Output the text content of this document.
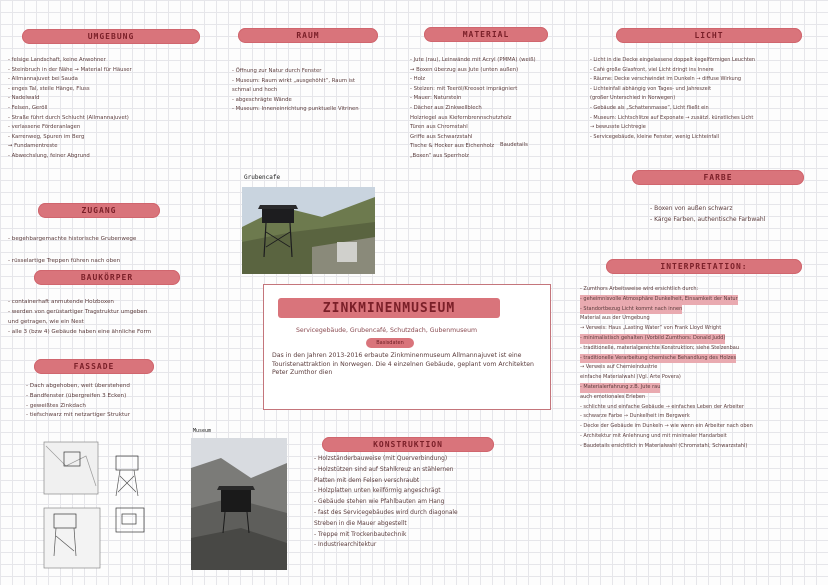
UMGEBUNG	RAUM	MATERIAL	LICHT
ZUGANG
FARBE
BAUKÖRPER
INTERPRETATION:
FASSADE
KONSTRUKTION
- felsige Landschaft, keine Anwohner
- Steinbruch in der Nähe → Material für Häuser
- Allmannajuvet bei Sauda
- enges Tal, steile Hänge, Fluss
- Nadelwald
- Felsen, Geröll
- Straße führt durch Schlucht (Allmannajuvet)
- verlassene Förderanlagen
- Karrenweg, Spuren im Berg
→ Fundamentreste
- Abwechslung, feiner Abgrund
- Öffnung zur Natur durch Fenster
- Museum: Raum wirkt „ausgehöhlt“, Raum ist
schmal und hoch
- abgeschrägte Wände
- Museum: Inneneinrichtung punktuelle Vitrinen
- Jute (rau), Leinwände mit Acryl (PMMA) (weiß)
→ Boxen überzug aus Jute (unten außen)
- Holz
- Stelzen: mit Teeröl/Kreosot imprägniert
- Mauer: Naturstein
- Dächer aus Zinkwellblech
Holzriegel aus Kiefernbrennschutzholz
Türen aus Chromstahl
Griffe aus Schwarzstahl
Tische & Hocker aus Eichenholz
„Boxen“ aus Sperrholz
Baudetails
- Licht in die Decke eingelassene doppelt kegelförmigen Leuchten
- Café große Glasfront, viel Licht dringt ins Innere
- Räume: Decke verschwindet im Dunkeln → diffuse Wirkung
- Lichteinfall abhängig von Tages- und Jahreszeit
(großer Unterschied in Norwegen)
- Gebäude als „Schattenmasse“, Licht fließt ein
- Museum: Lichtschlitze auf Exponate → zusätzl. künstliches Licht
→ bewusste Lichtregie
- Servicegebäude, kleine Fenster, wenig Lichteinfall
- Boxen von außen schwarz
- Kärge Farben, authentische Farbwahl
- begehbargemachte historische Grubenwege
- rüsselartige Treppen führen nach oben
- containerhaft anmutende Holzboxen
- werden von gerüstartiger Tragstruktur umgeben
und getragen, wie ein Nest
- alle 3 (bzw 4) Gebäude haben eine ähnliche Form
- Dach abgehoben, weit überstehend
- Bandfenster (übergreifen 3 Ecken)
- geweißtes Zinkdach
- tiefschwarz mit netzartiger Struktur
- Holzständerbauweise (mit Querverbindung)
- Holzstützen sind auf Stahlkreuz an stählernen
Platten mit dem Felsen verschraubt
- Holzplatten unten keilförmig angeschrägt
- Gebäude stehen wie Pfahlbauten am Hang
- fast des Servicegebäudes wird durch diagonale
Streben in die Mauer abgestellt
- Treppe mit Trockenbautechnik
- Industriearchitektur
- Zumthors Arbeitsweise wird ersichtlich durch:
- geheimnisvolle Atmosphäre Dunkelheit, Einsamkeit der Natur
- Standortbezug Licht kommt nach innen
Material aus der Umgebung
→ Verweis: Haus „Lasting Water“ von Frank Lloyd Wright
- minimalistisch gehalten (Vorbild Zumthors: Donald Judd)
- traditionelle, materialgerechte Konstruktion; siehe Stelzenbau
- traditionelle Verarbeitung chemische Behandlung des Holzes
→ Verweis auf Chemieindustrie
einfache Materialwahl (Vgl. Arte Povera)
- Materialerfahrung z.B. Jute rau
auch emotionales Erleben
- schlichte und einfache Gebäude → einfaches Leben der Arbeiter
- schwarze Farbe → Dunkelheit im Bergwerk
- Decke der Gebäude im Dunkeln → wie wenn ein Arbeiter nach oben
- Architektur mit Anlehnung und mit minimaler Handarbeit
- Baudetails ersichtlich in Materialwahl (Chromstahl, Schwarzstahl)
Grubencafe
Museum
ZINKMINENMUSEUM
Servicegebäude, Grubencafé, Schutzdach, Gubenmuseum
Basisdaten
Das in den Jahren 2013-2016 erbaute Zinkminenmuseum Allmannajuvet ist eine Touristenattraktion in Norwegen. Die 4 einzelnen Gebäude, geplant vom Architekten Peter Zumthor dien
